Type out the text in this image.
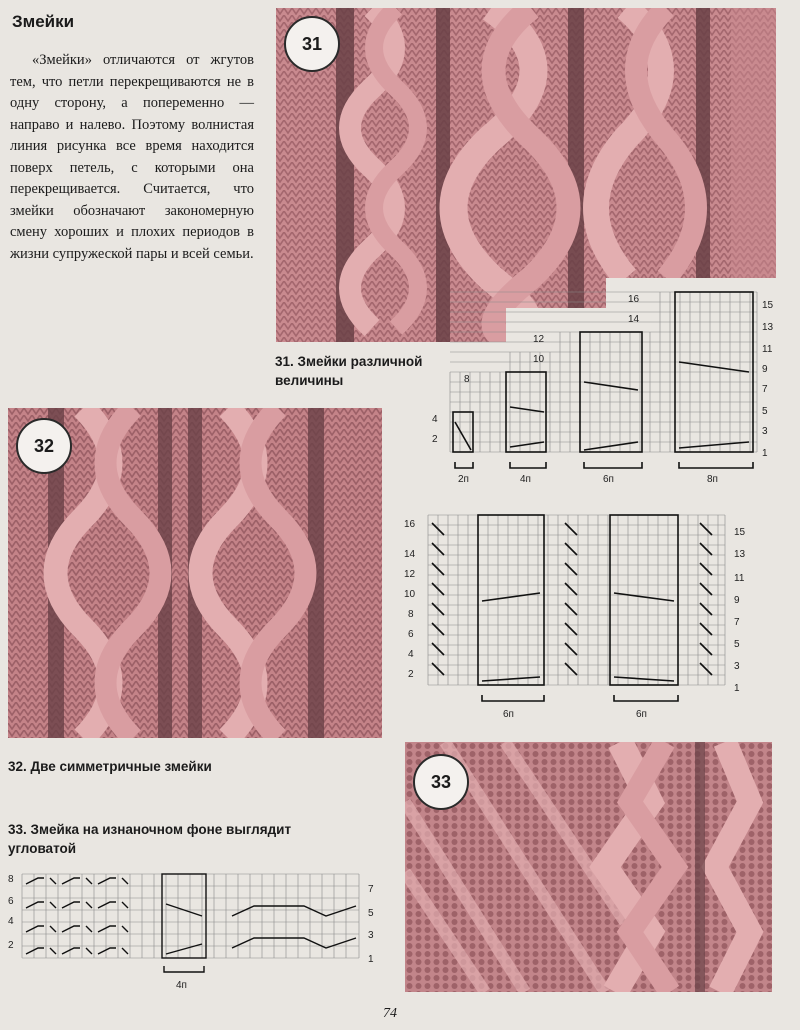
Змейки

«Змейки» отличаются от жгутов тем, что петли перекрещиваются не в одну сторону, а попеременно — направо и налево. Поэтому волнистая линия рисунка все время находится поверх петель, с которыми она перекрещивается. Считается, что змейки обозначают закономерную смену хороших и плохих периодов в жизни супружеской пары и всей семьи.

31
32
33
31. Змейки различной величины
32. Две симметричные змейки
33. Змейка на изнаночном фоне выглядит угловатой
2
4
8
10
12
14
16
1
3
5
7
9
11
13
15
2п	4п	6п	8п
2
4
6
8
10
12
14
16
1
3
5
7
9
11
13
15
6п	6п
2
4
6
8
1
3
5
7
4п
74
